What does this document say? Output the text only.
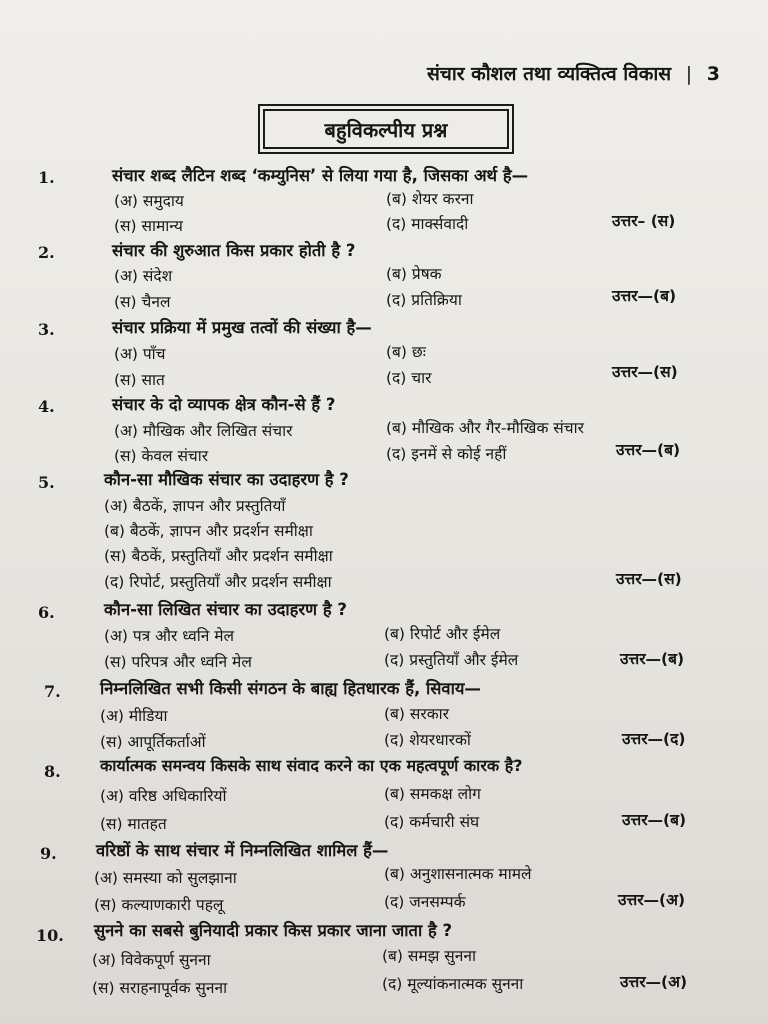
संचार कौशल तथा व्यक्तित्व विकास | 3
बहुविकल्पीय प्रश्न
1.	संचार शब्द लैटिन शब्द ‘कम्युनिस’ से लिया गया है, जिसका अर्थ है—
(अ) समुदाय	(ब) शेयर करना
(स) सामान्य	(द) मार्क्सवादी	उत्तर– (स)
2.	संचार की शुरुआत किस प्रकार होती है ?
(अ) संदेश	(ब) प्रेषक
(स) चैनल	(द) प्रतिक्रिया	उत्तर—(ब)
3.	संचार प्रक्रिया में प्रमुख तत्वों की संख्या है—
(अ) पाँच	(ब) छः
(स) सात	(द) चार	उत्तर—(स)
4.	संचार के दो व्यापक क्षेत्र कौन-से हैं ?
(अ) मौखिक और लिखित संचार	(ब) मौखिक और गैर-मौखिक संचार
(स) केवल संचार	(द) इनमें से कोई नहीं	उत्तर—(ब)
5.	कौन-सा मौखिक संचार का उदाहरण है ?
(अ) बैठकें, ज्ञापन और प्रस्तुतियाँ
(ब) बैठकें, ज्ञापन और प्रदर्शन समीक्षा
(स) बैठकें, प्रस्तुतियाँ और प्रदर्शन समीक्षा
(द) रिपोर्ट, प्रस्तुतियाँ और प्रदर्शन समीक्षा	उत्तर—(स)
6.	कौन-सा लिखित संचार का उदाहरण है ?
(अ) पत्र और ध्वनि मेल	(ब) रिपोर्ट और ईमेल
(स) परिपत्र और ध्वनि मेल	(द) प्रस्तुतियाँ और ईमेल	उत्तर—(ब)
7.	निम्नलिखित सभी किसी संगठन के बाह्य हितधारक हैं, सिवाय—
(अ) मीडिया	(ब) सरकार
(स) आपूर्तिकर्ताओं	(द) शेयरधारकों	उत्तर—(द)
8.	कार्यात्मक समन्वय किसके साथ संवाद करने का एक महत्वपूर्ण कारक है?
(अ) वरिष्ठ अधिकारियों	(ब) समकक्ष लोग
(स) मातहत	(द) कर्मचारी संघ	उत्तर—(ब)
9.	वरिष्ठों के साथ संचार में निम्नलिखित शामिल हैं—
(अ) समस्या को सुलझाना	(ब) अनुशासनात्मक मामले
(स) कल्याणकारी पहलू	(द) जनसम्पर्क	उत्तर—(अ)
10.	सुनने का सबसे बुनियादी प्रकार किस प्रकार जाना जाता है ?
(अ) विवेकपूर्ण सुनना	(ब) समझ सुनना
(स) सराहनापूर्वक सुनना	(द) मूल्यांकनात्मक सुनना	उत्तर—(अ)
